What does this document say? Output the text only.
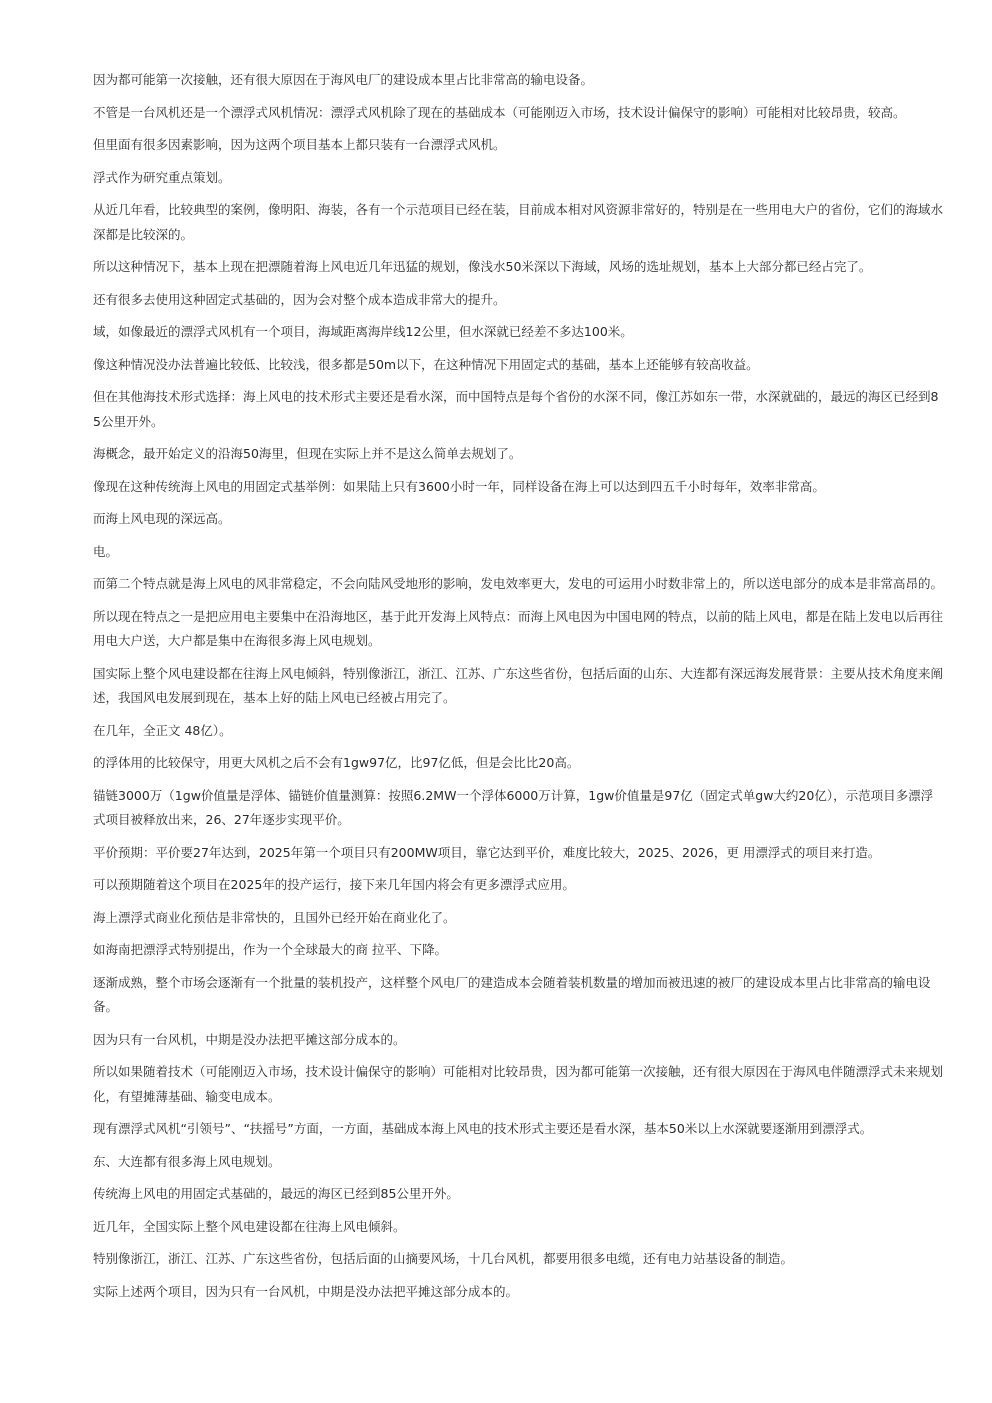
因为都可能第一次接触，还有很大原因在于海风电厂的建设成本里占比非常高的输电设备。

不管是一台风机还是一个漂浮式风机情况：漂浮式风机除了现在的基础成本（可能刚迈入市场，技术设计偏保守的影响）可能相对比较昂贵，较高。

但里面有很多因素影响，因为这两个项目基本上都只装有一台漂浮式风机。

浮式作为研究重点策划。

从近几年看，比较典型的案例，像明阳、海装，各有一个示范项目已经在装，目前成本相对风资源非常好的，特别是在一些用电大户的省份，它们的海域水深都是比较深的。

所以这种情况下，基本上现在把漂随着海上风电近几年迅猛的规划，像浅水50米深以下海域，风场的选址规划，基本上大部分都已经占完了。

还有很多去使用这种固定式基础的，因为会对整个成本造成非常大的提升。

域，如像最近的漂浮式风机有一个项目，海域距离海岸线12公里，但水深就已经差不多达100米。

像这种情况没办法普遍比较低、比较浅，很多都是50m以下，在这种情况下用固定式的基础，基本上还能够有较高收益。

但在其他海技术形式选择：海上风电的技术形式主要还是看水深，而中国特点是每个省份的水深不同，像江苏如东一带，水深就础的，最远的海区已经到85公里开外。

海概念，最开始定义的沿海50海里，但现在实际上并不是这么简单去规划了。

像现在这种传统海上风电的用固定式基举例：如果陆上只有3600小时一年，同样设备在海上可以达到四五千小时每年，效率非常高。

而海上风电现的深远高。

电。

而第二个特点就是海上风电的风非常稳定，不会向陆风受地形的影响，发电效率更大，发电的可运用小时数非常上的，所以送电部分的成本是非常高昂的。

所以现在特点之一是把应用电主要集中在沿海地区，基于此开发海上风特点：而海上风电因为中国电网的特点，以前的陆上风电，都是在陆上发电以后再往用电大户送，大户都是集中在海很多海上风电规划。

国实际上整个风电建设都在往海上风电倾斜，特别像浙江，浙江、江苏、广东这些省份，包括后面的山东、大连都有深远海发展背景：主要从技术角度来阐述，我国风电发展到现在，基本上好的陆上风电已经被占用完了。

在几年，全正文 48亿）。

的浮体用的比较保守，用更大风机之后不会有1gw97亿，比97亿低，但是会比比20高。

锚链3000万（1gw价值量是浮体、锚链价值量测算：按照6.2MW一个浮体6000万计算，1gw价值量是97亿（固定式单gw大约20亿），示范项目多漂浮式项目被释放出来，26、27年逐步实现平价。

平价预期：平价要27年达到，2025年第一个项目只有200MW项目，靠它达到平价，难度比较大，2025、2026，更 用漂浮式的项目来打造。

可以预期随着这个项目在2025年的投产运行，接下来几年国内将会有更多漂浮式应用。

海上漂浮式商业化预估是非常快的，且国外已经开始在商业化了。

如海南把漂浮式特别提出，作为一个全球最大的商 拉平、下降。

逐渐成熟，整个市场会逐渐有一个批量的装机投产，这样整个风电厂的建造成本会随着装机数量的增加而被迅速的被厂的建设成本里占比非常高的输电设备。

因为只有一台风机，中期是没办法把平摊这部分成本的。

所以如果随着技术（可能刚迈入市场，技术设计偏保守的影响）可能相对比较昂贵，因为都可能第一次接触，还有很大原因在于海风电伴随漂浮式未来规划化，有望摊薄基础、输变电成本。

现有漂浮式风机“引领号”、“扶摇号”方面，一方面，基础成本海上风电的技术形式主要还是看水深，基本50米以上水深就要逐渐用到漂浮式。

东、大连都有很多海上风电规划。

传统海上风电的用固定式基础的，最远的海区已经到85公里开外。

近几年，全国实际上整个风电建设都在往海上风电倾斜。

特别像浙江，浙江、江苏、广东这些省份，包括后面的山摘要风场，十几台风机，都要用很多电缆，还有电力站基设备的制造。

实际上述两个项目，因为只有一台风机，中期是没办法把平摊这部分成本的。
